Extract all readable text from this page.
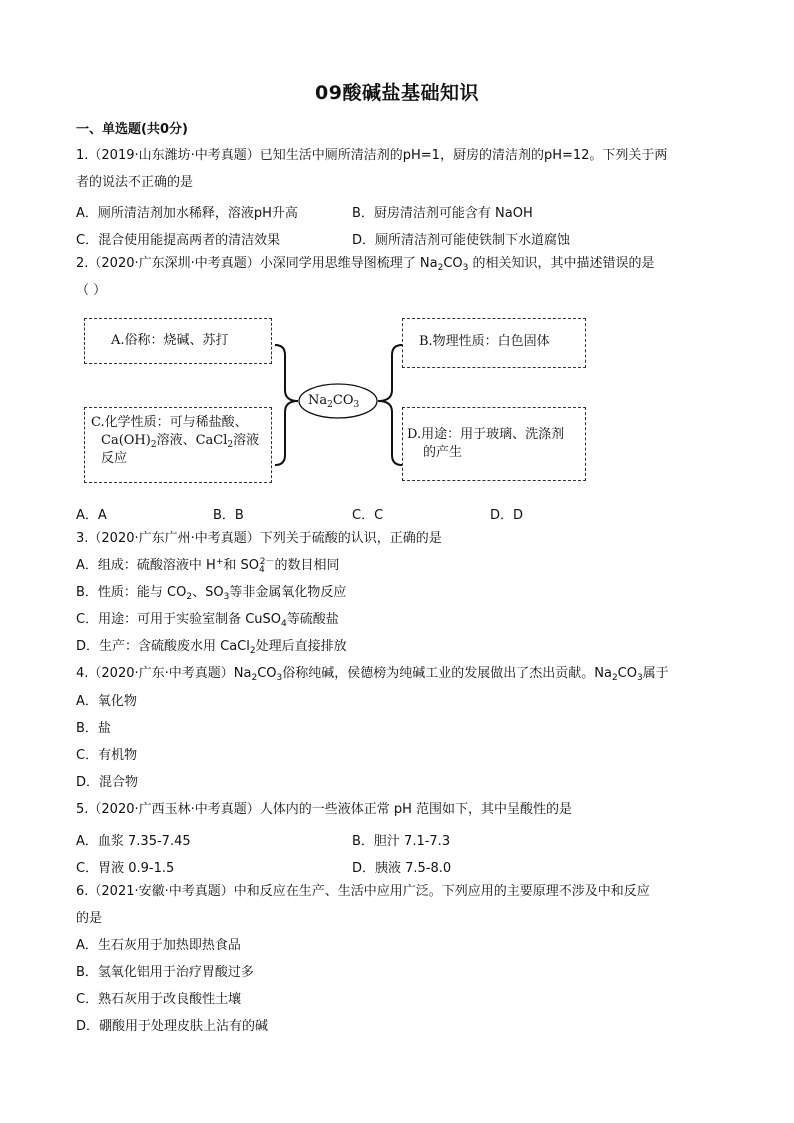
09酸碱盐基础知识
一、单选题(共0分)
1.（2019·山东潍坊·中考真题）已知生活中厕所清洁剂的pH=1，厨房的清洁剂的pH=12。下列关于两
者的说法不正确的是
A．厕所清洁剂加水稀释，溶液pH升高	B．厨房清洁剂可能含有 NaOH
C．混合使用能提高两者的清洁效果	D．厕所清洁剂可能使铁制下水道腐蚀
2.（2020·广东深圳·中考真题）小深同学用思维导图梳理了 $Na_2CO_3$ 的相关知识，其中描述错误的是
（ ）
$Na_2CO_3$
A.俗称：烧碱、苏打	B.物理性质：白色固体
C.化学性质：可与稀盐酸、
$Ca(OH)_2$溶液、CaCl$_2$溶液
反应
D.用途：用于玻璃、洗涤剂
的产生
A．A	B．B	C．C	D．D
3.（2020·广东广州·中考真题）下列关于硫酸的认识，正确的是
A．组成：硫酸溶液中 H+和 $SO_4^{2-}$的数目相同
B．性质：能与 $CO_2$、$SO_3$等非金属氧化物反应
C．用途：可用于实验室制备 CuSO$_4$等硫酸盐
D．生产：含硫酸废水用 CaCl$_2$处理后直接排放
4.（2020·广东·中考真题）$Na_2CO_3$俗称纯碱，侯德榜为纯碱工业的发展做出了杰出贡献。$Na_2CO_3$属于
A．氧化物
B．盐
C．有机物
D．混合物
5.（2020·广西玉林·中考真题）人体内的一些液体正常 pH 范围如下，其中呈酸性的是
A．血浆 7.35-7.45	B．胆汁 7.1-7.3
C．胃液 0.9-1.5	D．胰液 7.5-8.0
6.（2021·安徽·中考真题）中和反应在生产、生活中应用广泛。下列应用的主要原理不涉及中和反应
的是
A．生石灰用于加热即热食品
B．氢氧化铝用于治疗胃酸过多
C．熟石灰用于改良酸性土壤
D．硼酸用于处理皮肤上沾有的碱
